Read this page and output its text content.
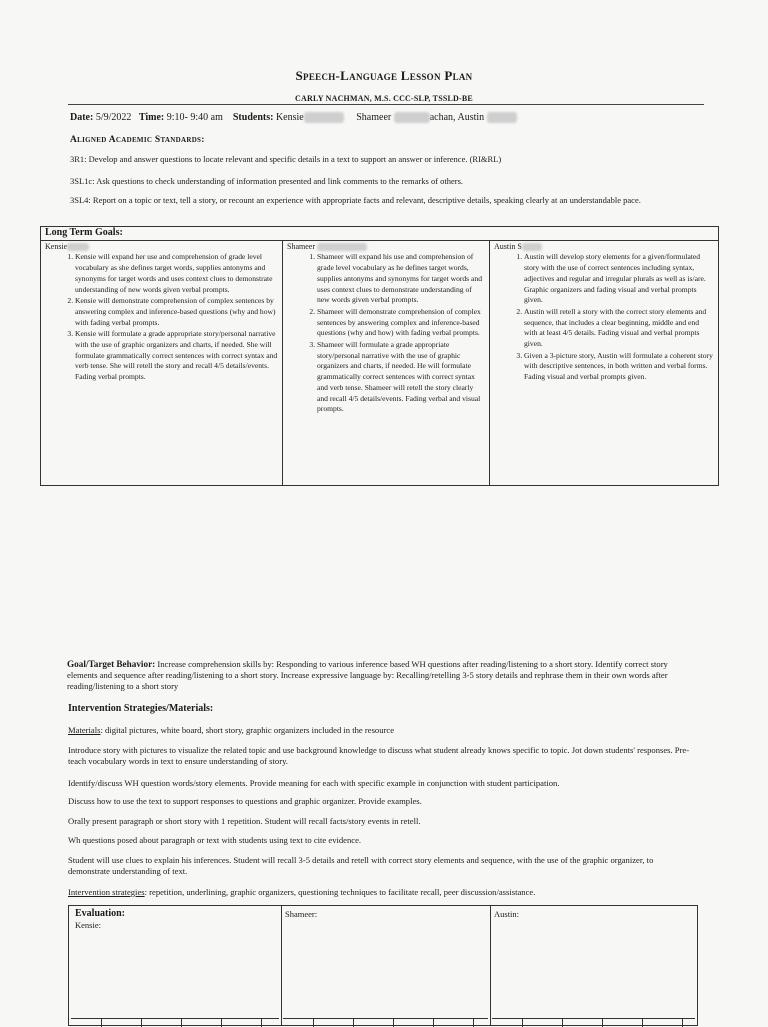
Speech-Language Lesson Plan
CARLY NACHMAN, M.S. CCC-SLP, TSSLD-BE
Date: 5/9/2022 Time: 9:10- 9:40 am Students: Kensie	Shameer	achan, Austin
Aligned Academic Standards:
3R1: Develop and answer questions to locate relevant and specific details in a text to support an answer or inference. (RI&RL)
3SL1c: Ask questions to check understanding of information presented and link comments to the remarks of others.
3SL4: Report on a topic or text, tell a story, or recount an experience with appropriate facts and relevant, descriptive details, speaking clearly at an understandable pace.
Long Term Goals:

Kensie
1. Kensie will expand her use and comprehension of grade level vocabulary as she defines target words, supplies antonyms and synonyms for target words and uses context clues to demonstrate understanding of new words given verbal prompts.
2. Kensie will demonstrate comprehension of complex sentences by answering complex and inference-based questions (why and how) with fading verbal prompts.
3. Kensie will formulate a grade appropriate story/personal narrative with the use of graphic organizers and charts, if needed. She will formulate grammatically correct sentences with correct syntax and verb tense. She will retell the story and recall 4/5 details/events. Fading verbal prompts.

Shameer
1. Shameer will expand his use and comprehension of grade level vocabulary as he defines target words, supplies antonyms and synonyms for target words and uses context clues to demonstrate understanding of new words given verbal prompts.
2. Shameer will demonstrate comprehension of complex sentences by answering complex and inference-based questions (why and how) with fading verbal prompts.
3. Shameer will formulate a grade appropriate story/personal narrative with the use of graphic organizers and charts, if needed. He will formulate grammatically correct sentences with correct syntax and verb tense. Shameer will retell the story clearly and recall 4/5 details/events. Fading verbal and visual prompts.

Austin S
1. Austin will develop story elements for a given/formulated story with the use of correct sentences including syntax, adjectives and regular and irregular plurals as well as is/are. Graphic organizers and fading visual and verbal prompts given.
2. Austin will retell a story with the correct story elements and sequence, that includes a clear beginning, middle and end with at least 4/5 details. Fading visual and verbal prompts given.
3. Given a 3-picture story, Austin will formulate a coherent story with descriptive sentences, in both written and verbal forms. Fading visual and verbal prompts given.
Goal/Target Behavior: Increase comprehension skills by: Responding to various inference based WH questions after reading/listening to a short story. Identify correct story elements and sequence after reading/listening to a short story. Increase expressive language by: Recalling/retelling 3-5 story details and rephrase them in their own words after reading/listening to a short story
Intervention Strategies/Materials:
Materials: digital pictures, white board, short story, graphic organizers included in the resource
Introduce story with pictures to visualize the related topic and use background knowledge to discuss what student already knows specific to topic. Jot down students' responses. Pre-teach vocabulary words in text to ensure understanding of story.
Identify/discuss WH question words/story elements. Provide meaning for each with specific example in conjunction with student participation.
Discuss how to use the text to support responses to questions and graphic organizer. Provide examples.
Orally present paragraph or short story with 1 repetition. Student will recall facts/story events in retell.
Wh questions posed about paragraph or text with students using text to cite evidence.
Student will use clues to explain his inferences. Student will recall 3-5 details and retell with correct story elements and sequence, with the use of the graphic organizer, to demonstrate understanding of text.
Intervention strategies: repetition, underlining, graphic organizers, questioning techniques to facilitate recall, peer discussion/assistance.
Evaluation:
Kensie:
Shameer:	Austin:
